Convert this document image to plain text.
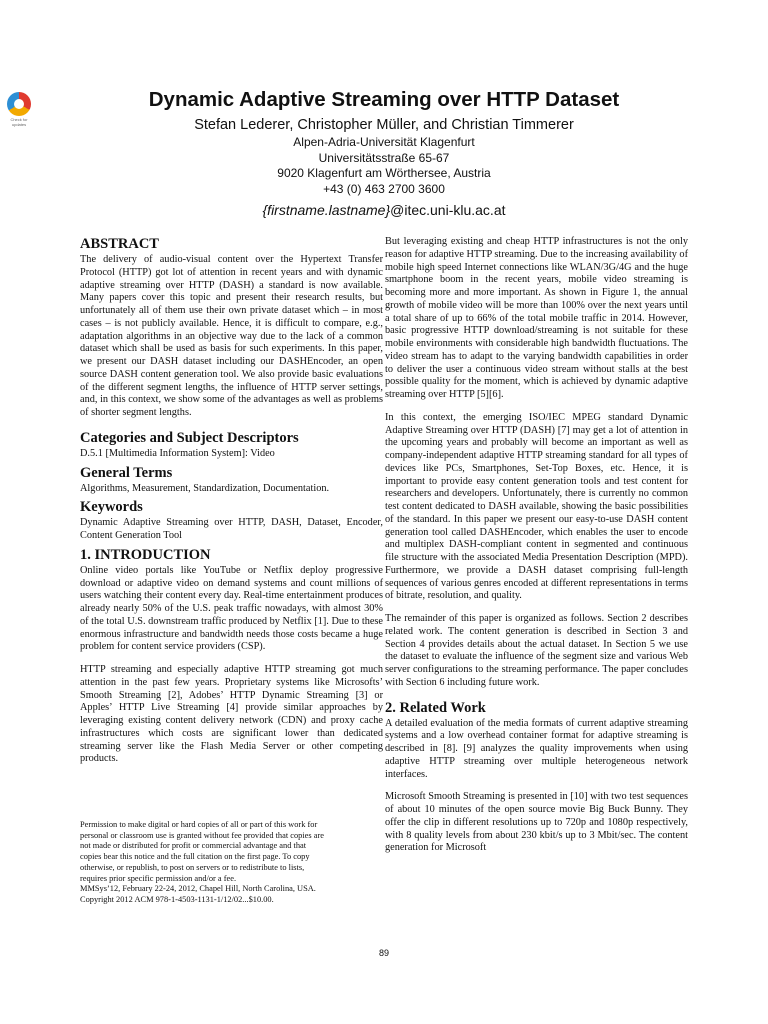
Check for
updates
Dynamic Adaptive Streaming over HTTP Dataset
Stefan Lederer, Christopher Müller, and Christian Timmerer
Alpen-Adria-Universität Klagenfurt
Universitätsstraße 65-67
9020 Klagenfurt am Wörthersee, Austria
+43 (0) 463 2700 3600
{firstname.lastname}@itec.uni-klu.ac.at
ABSTRACT

The delivery of audio-visual content over the Hypertext Transfer Protocol (HTTP) got lot of attention in recent years and with dynamic adaptive streaming over HTTP (DASH) a standard is now available. Many papers cover this topic and present their research results, but unfortunately all of them use their own private dataset which – in most cases – is not publicly available. Hence, it is difficult to compare, e.g., adaptation algorithms in an objective way due to the lack of a common dataset which shall be used as basis for such experiments. In this paper, we present our DASH dataset including our DASHEncoder, an open source DASH content generation tool. We also provide basic evaluations of the different segment lengths, the influence of HTTP server settings, and, in this context, we show some of the advantages as well as problems of shorter segment lengths.

Categories and Subject Descriptors

D.5.1 [Multimedia Information System]: Video

General Terms

Algorithms, Measurement, Standardization, Documentation.

Keywords

Dynamic Adaptive Streaming over HTTP, DASH, Dataset, Encoder, Content Generation Tool

1. INTRODUCTION

Online video portals like YouTube or Netflix deploy progressive download or adaptive video on demand systems and count millions of users watching their content every day. Real-time entertainment produces already nearly 50% of the U.S. peak traffic nowadays, with almost 30% of the total U.S. downstream traffic produced by Netflix [1]. Due to these enormous infrastructure and bandwidth needs those costs became a huge problem for content service providers (CSP).

HTTP streaming and especially adaptive HTTP streaming got much attention in the past few years. Proprietary systems like Microsofts’ Smooth Streaming [2], Adobes’ HTTP Dynamic Streaming [3] or Apples’ HTTP Live Streaming [4] provide similar approaches by leveraging existing content delivery network (CDN) and proxy cache infrastructures which costs are significant lower than dedicated streaming server like the Flash Media Server or other competing products.

Permission to make digital or hard copies of all or part of this work for
personal or classroom use is granted without fee provided that copies are
not made or distributed for profit or commercial advantage and that
copies bear this notice and the full citation on the first page. To copy
otherwise, or republish, to post on servers or to redistribute to lists,
requires prior specific permission and/or a fee.
MMSys’12, February 22-24, 2012, Chapel Hill, North Carolina, USA.
Copyright 2012 ACM 978-1-4503-1131-1/12/02...$10.00.

But leveraging existing and cheap HTTP infrastructures is not the only reason for adaptive HTTP streaming. Due to the increasing availability of mobile high speed Internet connections like WLAN/3G/4G and the huge smartphone boom in the recent years, mobile video streaming is becoming more and more important. As shown in Figure 1, the annual growth of mobile video will be more than 100% over the next years until a total share of up to 66% of the total mobile traffic in 2014. However, basic progressive HTTP download/streaming is not suitable for these mobile environments with considerable high bandwidth fluctuations. The video stream has to adapt to the varying bandwidth capabilities in order to deliver the user a continuous video stream without stalls at the best possible quality for the moment, which is achieved by dynamic adaptive streaming over HTTP [5][6].

In this context, the emerging ISO/IEC MPEG standard Dynamic Adaptive Streaming over HTTP (DASH) [7] may get a lot of attention in the upcoming years and probably will become an important as well as company-independent adaptive HTTP streaming standard for all types of devices like PCs, Smartphones, Set-Top Boxes, etc. Hence, it is important to provide easy content generation tools and test content for researchers and developers. Unfortunately, there is currently no common test content dedicated to DASH available, showing the basic possibilities of the standard. In this paper we present our easy-to-use DASH content generation tool called DASHEncoder, which enables the user to encode and multiplex DASH-compliant content in segmented and continuous file structure with the associated Media Presentation Description (MPD). Furthermore, we provide a DASH dataset comprising full-length sequences of various genres encoded at different representations in terms of bitrate, resolution, and quality.

The remainder of this paper is organized as follows. Section 2 describes related work. The content generation is described in Section 3 and Section 4 provides details about the actual dataset. In Section 5 we use the dataset to evaluate the influence of the segment size and various Web server configurations to the streaming performance. The paper concludes with Section 6 including future work.

2. Related Work

A detailed evaluation of the media formats of current adaptive streaming systems and a low overhead container format for adaptive streaming is described in [8]. [9] analyzes the quality improvements when using adaptive HTTP streaming over multiple heterogeneous network interfaces.

Microsoft Smooth Streaming is presented in [10] with two test sequences of about 10 minutes of the open source movie Big Buck Bunny. They offer the clip in different resolutions up to 720p and 1080p respectively, with 8 quality levels from about 230 kbit/s up to 3 Mbit/sec. The content generation for Microsoft

89
